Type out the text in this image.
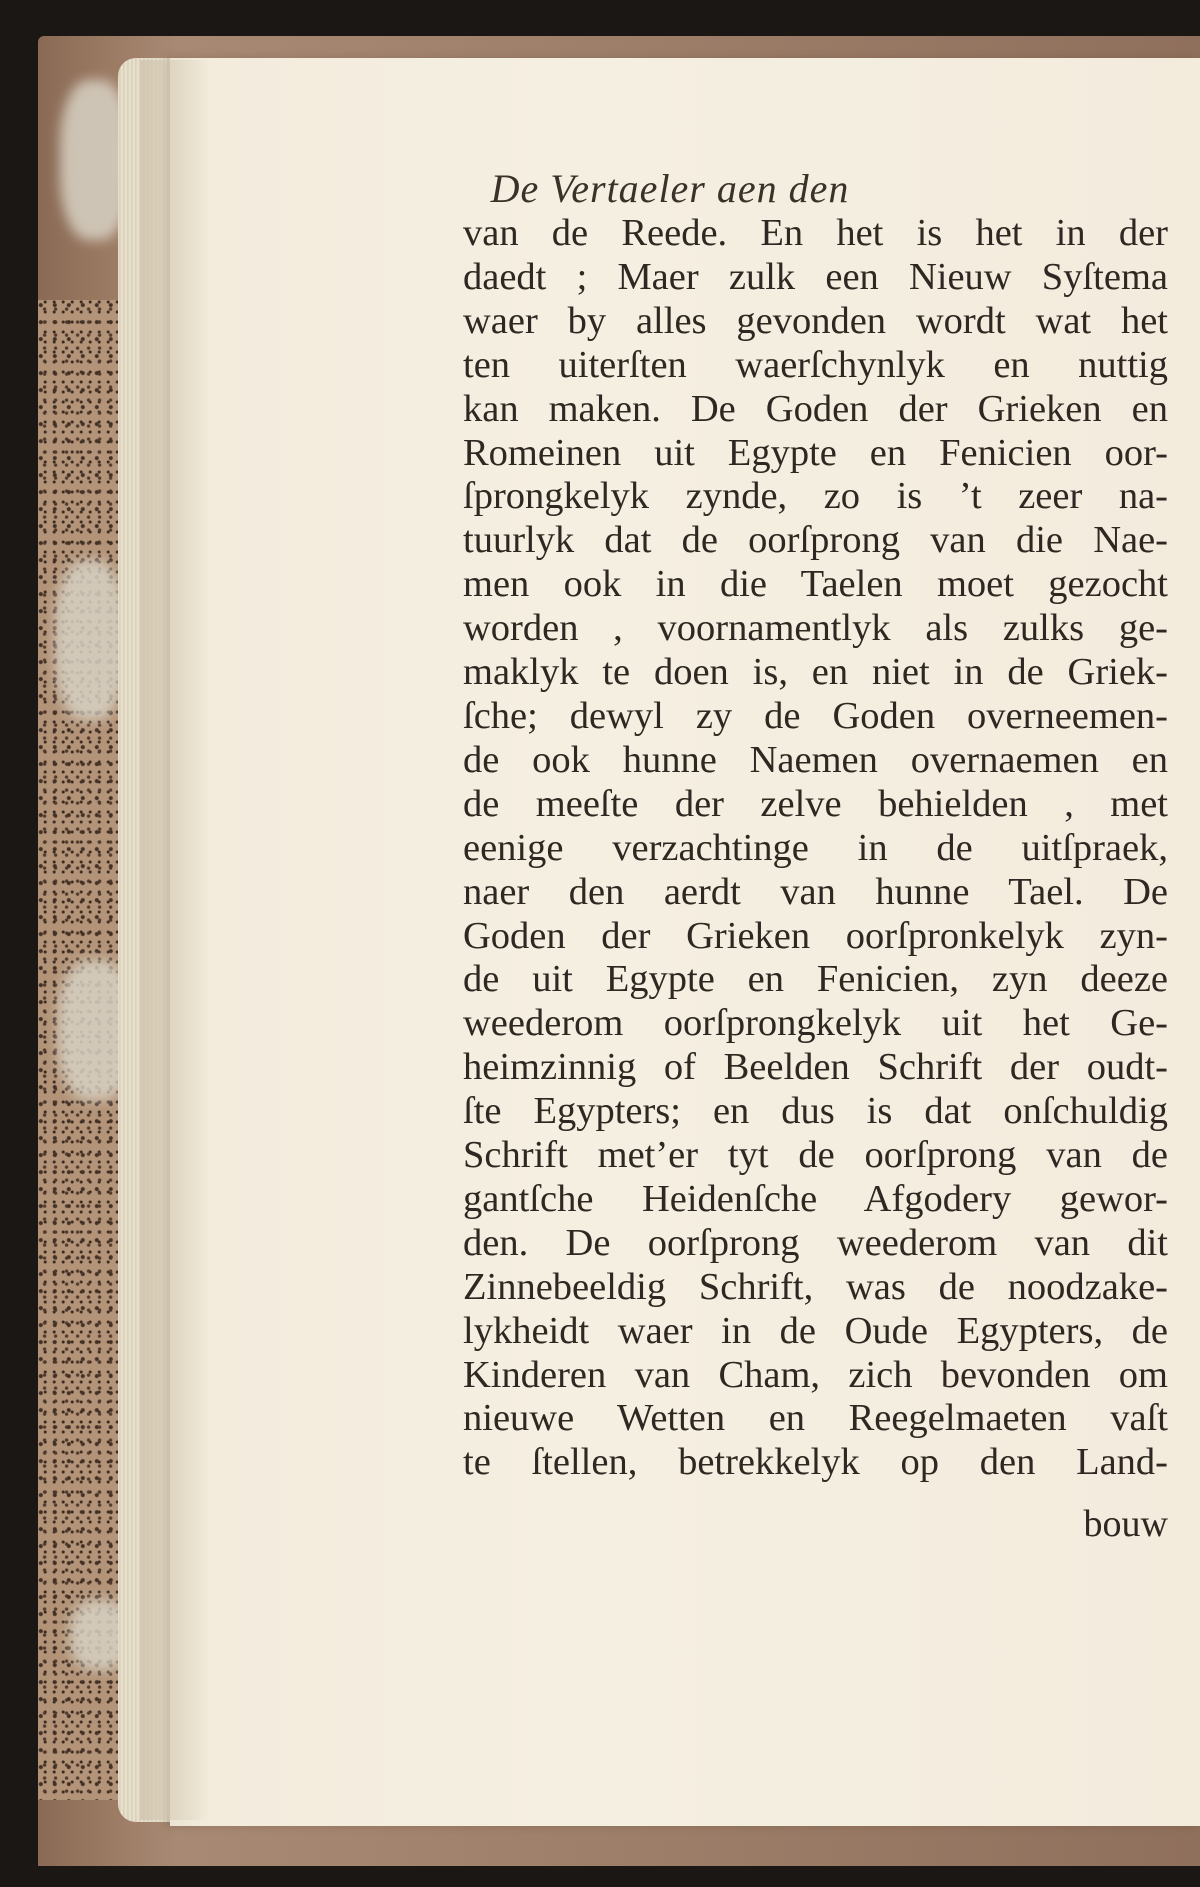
De Vertaeler aen den

van de Reede. En het is het in der
daedt ; Maer zulk een Nieuw Syſtema
waer by alles gevonden wordt wat het
ten uiterſten waerſchynlyk en nuttig
kan maken. De Goden der Grieken en
Romeinen uit Egypte en Fenicien oor-
ſprongkelyk zynde, zo is ’t zeer na-
tuurlyk dat de oorſprong van die Nae-
men ook in die Taelen moet gezocht
worden , voornamentlyk als zulks ge-
maklyk te doen is, en niet in de Griek-
ſche; dewyl zy de Goden overneemen-
de ook hunne Naemen overnaemen en
de meeſte der zelve behielden , met
eenige verzachtinge in de uitſpraek,
naer den aerdt van hunne Tael. De
Goden der Grieken oorſpronkelyk zyn-
de uit Egypte en Fenicien, zyn deeze
weederom oorſprongkelyk uit het Ge-
heimzinnig of Beelden Schrift der oudt-
ſte Egypters; en dus is dat onſchuldig
Schrift met’er tyt de oorſprong van de
gantſche Heidenſche Afgodery gewor-
den. De oorſprong weederom van dit
Zinnebeeldig Schrift, was de noodzake-
lykheidt waer in de Oude Egypters, de
Kinderen van Cham, zich bevonden om
nieuwe Wetten en Reegelmaeten vaſt
te ſtellen, betrekkelyk op den Land-

bouw
